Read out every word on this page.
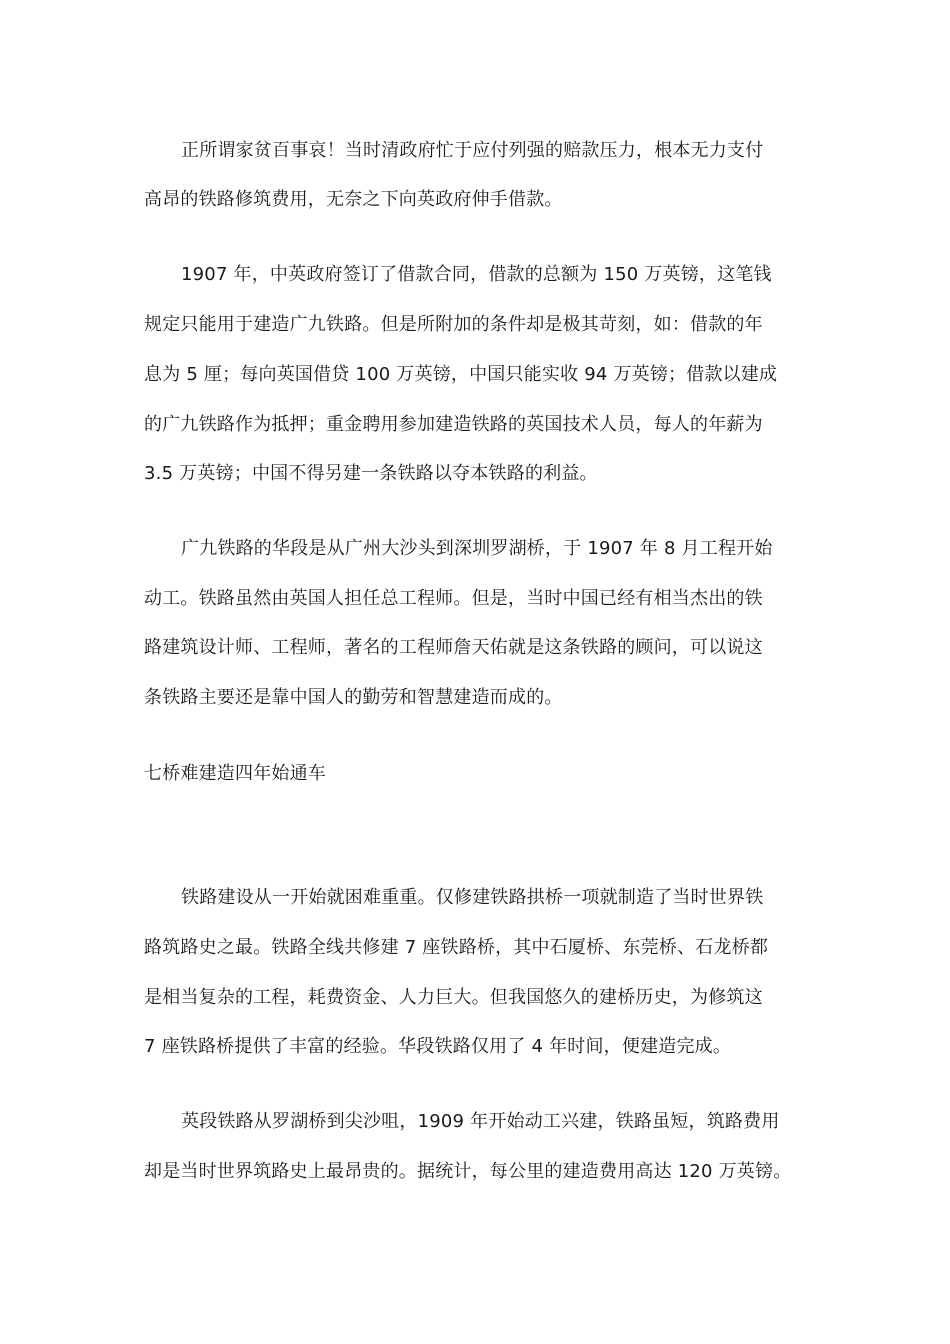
正所谓家贫百事哀！当时清政府忙于应付列强的赔款压力，根本无力支付
高昂的铁路修筑费用，无奈之下向英政府伸手借款。
1907 年，中英政府签订了借款合同，借款的总额为 150 万英镑，这笔钱
规定只能用于建造广九铁路。但是所附加的条件却是极其苛刻，如：借款的年
息为 5 厘；每向英国借贷 100 万英镑，中国只能实收 94 万英镑；借款以建成
的广九铁路作为抵押；重金聘用参加建造铁路的英国技术人员，每人的年薪为
3.5 万英镑；中国不得另建一条铁路以夺本铁路的利益。
广九铁路的华段是从广州大沙头到深圳罗湖桥，于 1907 年 8 月工程开始
动工。铁路虽然由英国人担任总工程师。但是，当时中国已经有相当杰出的铁
路建筑设计师、工程师，著名的工程师詹天佑就是这条铁路的顾问，可以说这
条铁路主要还是靠中国人的勤劳和智慧建造而成的。
七桥难建造四年始通车
铁路建设从一开始就困难重重。仅修建铁路拱桥一项就制造了当时世界铁
路筑路史之最。铁路全线共修建 7 座铁路桥，其中石厦桥、东莞桥、石龙桥都
是相当复杂的工程，耗费资金、人力巨大。但我国悠久的建桥历史，为修筑这
7 座铁路桥提供了丰富的经验。华段铁路仅用了 4 年时间，便建造完成。
英段铁路从罗湖桥到尖沙咀，1909 年开始动工兴建，铁路虽短，筑路费用
却是当时世界筑路史上最昂贵的。据统计，每公里的建造费用高达 120 万英镑。
